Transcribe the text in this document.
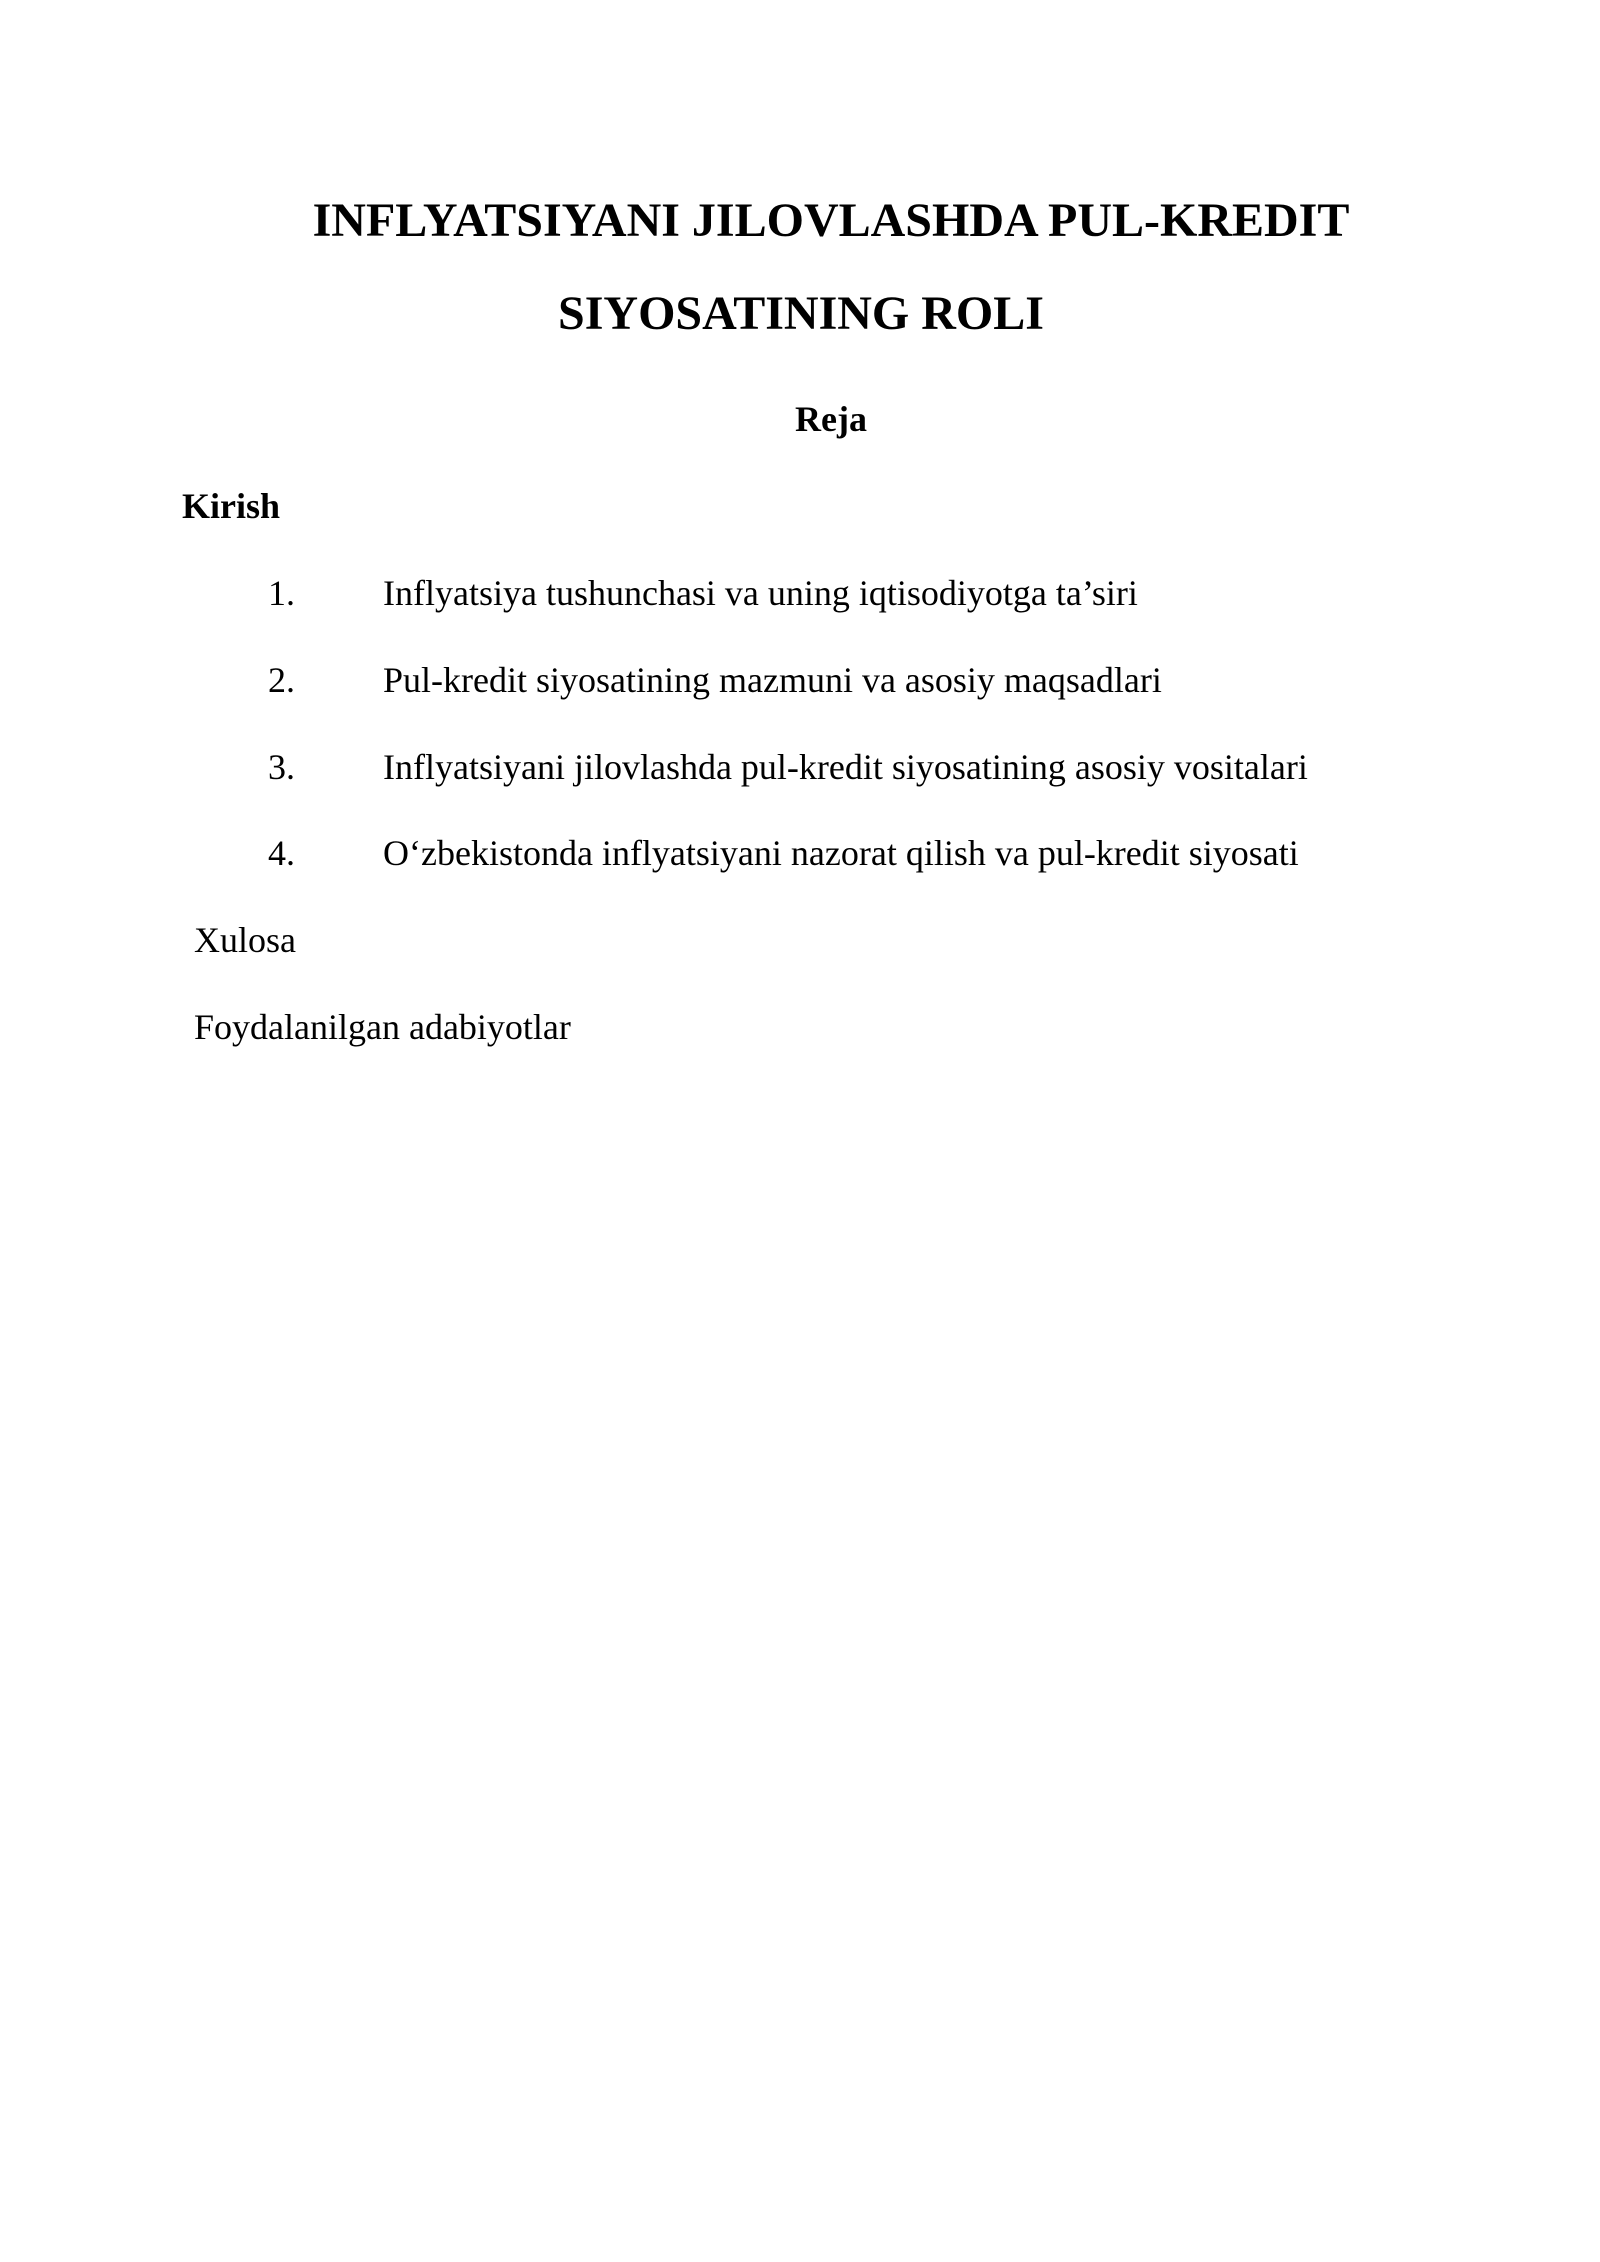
INFLYATSIYANI JILOVLASHDA PUL-KREDIT
SIYOSATINING ROLI
Reja
Kirish
1. Inflyatsiya tushunchasi va uning iqtisodiyotga ta’siri
2. Pul-kredit siyosatining mazmuni va asosiy maqsadlari
3. Inflyatsiyani jilovlashda pul-kredit siyosatining asosiy vositalari
4. O‘zbekistonda inflyatsiyani nazorat qilish va pul-kredit siyosati
Xulosa
Foydalanilgan adabiyotlar
